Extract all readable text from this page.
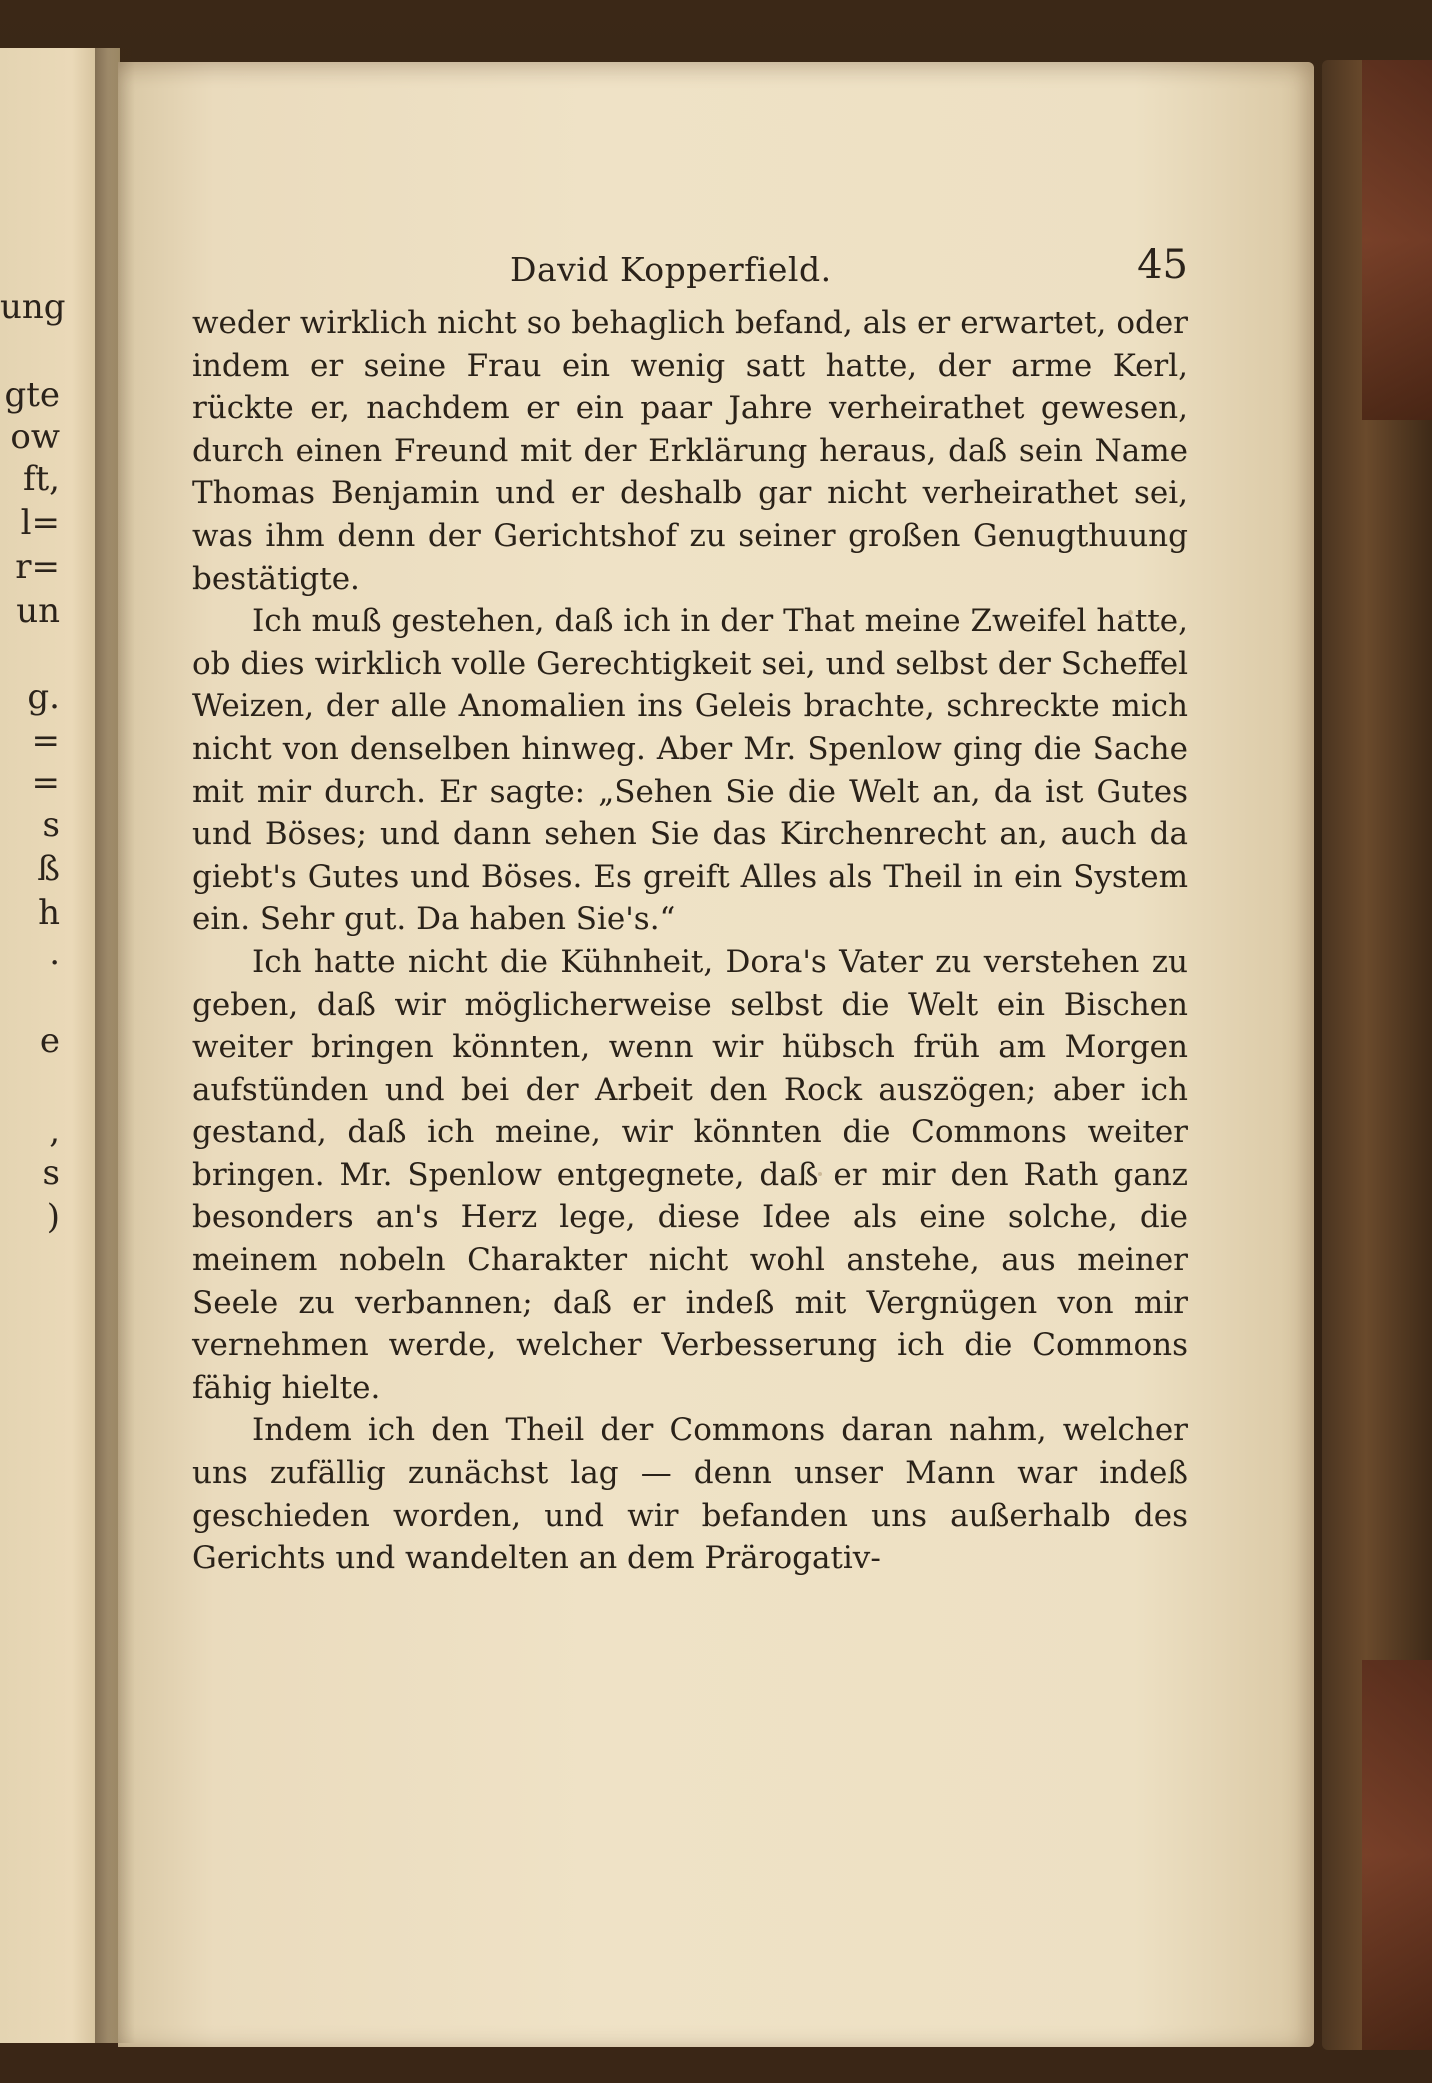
ung
gte
ow
ft,
l=
r=
un
g.
=
=
s
ß
h
.
e
,
s
)
David Kopperfield.	45

weder wirklich nicht so behaglich befand, als er erwartet, oder indem er seine Frau ein wenig satt hatte, der arme Kerl, rückte er, nachdem er ein paar Jahre verheirathet gewesen, durch einen Freund mit der Erklärung heraus, daß sein Name Thomas Benjamin und er deshalb gar nicht verheirathet sei, was ihm denn der Gerichtshof zu seiner großen Genugthuung bestätigte.

Ich muß gestehen, daß ich in der That meine Zweifel hatte, ob dies wirklich volle Gerechtigkeit sei, und selbst der Scheffel Weizen, der alle Anomalien ins Geleis brachte, schreckte mich nicht von denselben hinweg. Aber Mr. Spenlow ging die Sache mit mir durch. Er sagte: „Sehen Sie die Welt an, da ist Gutes und Böses; und dann sehen Sie das Kirchenrecht an, auch da giebt's Gutes und Böses. Es greift Alles als Theil in ein System ein. Sehr gut. Da haben Sie's.“

Ich hatte nicht die Kühnheit, Dora's Vater zu verstehen zu geben, daß wir möglicherweise selbst die Welt ein Bischen weiter bringen könnten, wenn wir hübsch früh am Morgen aufstünden und bei der Arbeit den Rock auszögen; aber ich gestand, daß ich meine, wir könnten die Commons weiter bringen. Mr. Spenlow entgegnete, daß er mir den Rath ganz besonders an's Herz lege, diese Idee als eine solche, die meinem nobeln Charakter nicht wohl anstehe, aus meiner Seele zu verbannen; daß er indeß mit Vergnügen von mir vernehmen werde, welcher Verbesserung ich die Commons fähig hielte.

Indem ich den Theil der Commons daran nahm, welcher uns zufällig zunächst lag — denn unser Mann war indeß geschieden worden, und wir befanden uns außerhalb des Gerichts und wandelten an dem Prärogativ-
